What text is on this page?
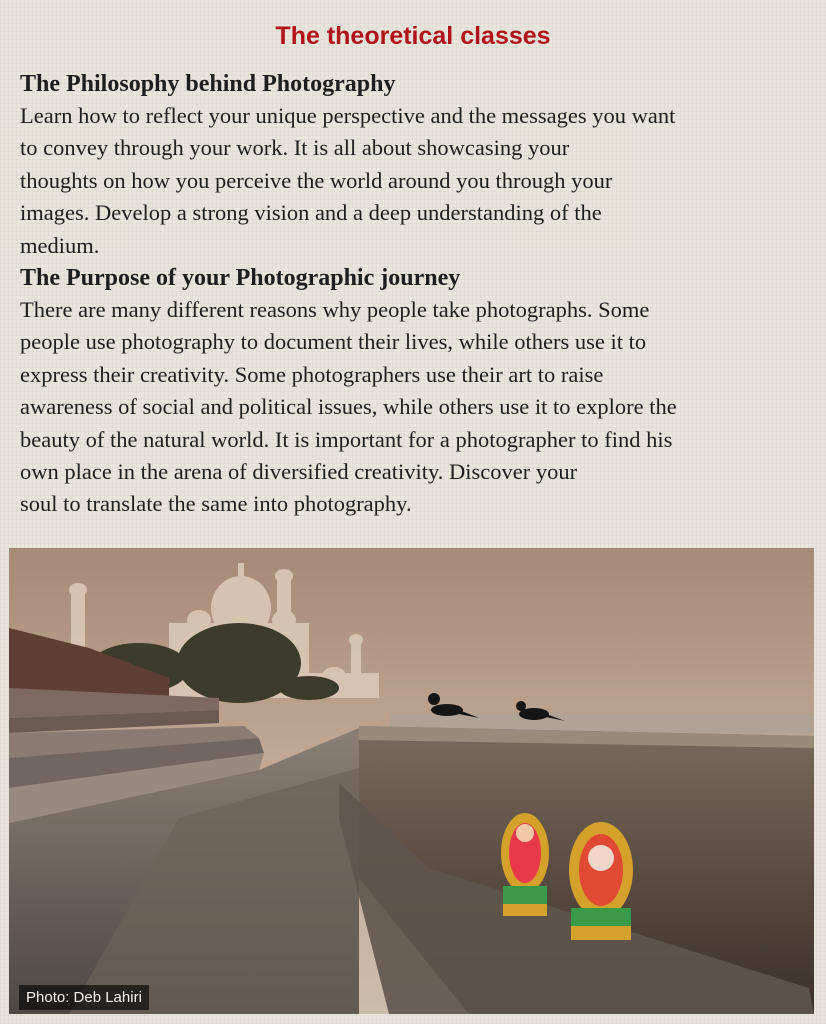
The theoretical classes
The Philosophy behind Photography

Learn how to reflect your unique perspective and the messages you want
to convey through your work. It is all about showcasing your
thoughts on how you perceive the world around you through your
images. Develop a strong vision and a deep understanding of the
medium.

The Purpose of your Photographic journey

There are many different reasons why people take photographs. Some
people use photography to document their lives, while others use it to
express their creativity. Some photographers use their art to raise
awareness of social and political issues, while others use it to explore the
beauty of the natural world. It is important for a photographer to find his
own place in the arena of diversified creativity. Discover your
soul to translate the same into photography.

Photo: Deb Lahiri
